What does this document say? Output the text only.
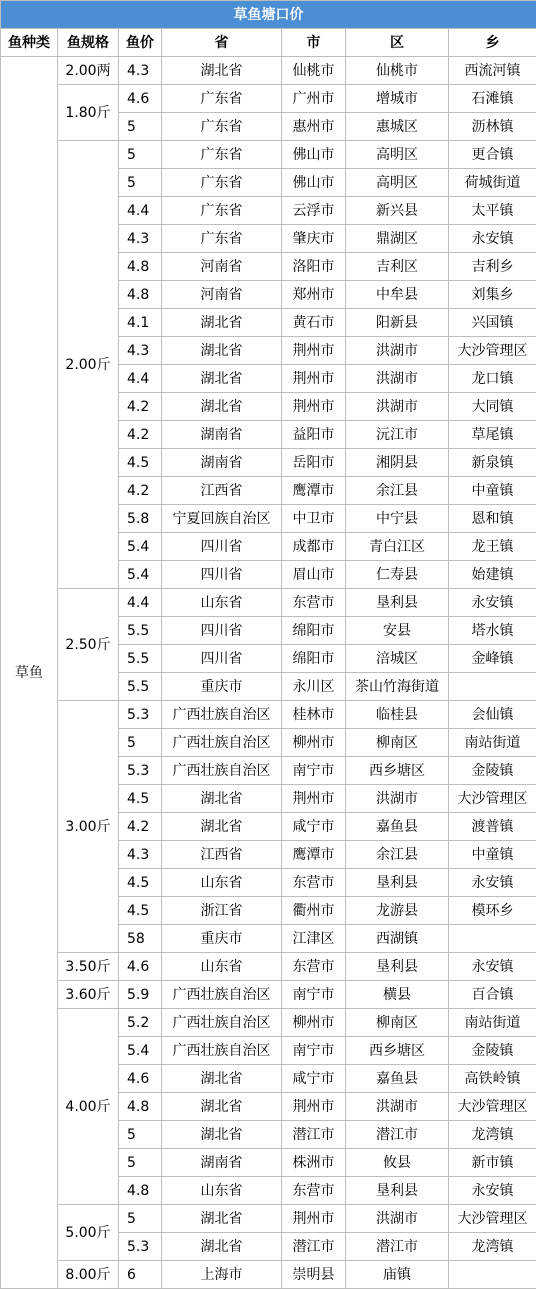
草鱼塘口价						
鱼种类	鱼规格	鱼价	省	市	区	乡
草鱼	2.00两	4.3	湖北省	仙桃市	仙桃市	西流河镇
	1.80斤	4.6	广东省	广州市	增城市	石滩镇
		5	广东省	惠州市	惠城区	沥林镇
	2.00斤	5	广东省	佛山市	高明区	更合镇
		5	广东省	佛山市	高明区	荷城街道
		4.4	广东省	云浮市	新兴县	太平镇
		4.3	广东省	肇庆市	鼎湖区	永安镇
		4.8	河南省	洛阳市	吉利区	吉利乡
		4.8	河南省	郑州市	中牟县	刘集乡
		4.1	湖北省	黄石市	阳新县	兴国镇
		4.3	湖北省	荆州市	洪湖市	大沙管理区
		4.4	湖北省	荆州市	洪湖市	龙口镇
		4.2	湖北省	荆州市	洪湖市	大同镇
		4.2	湖南省	益阳市	沅江市	草尾镇
		4.5	湖南省	岳阳市	湘阴县	新泉镇
		4.2	江西省	鹰潭市	余江县	中童镇
		5.8	宁夏回族自治区	中卫市	中宁县	恩和镇
		5.4	四川省	成都市	青白江区	龙王镇
		5.4	四川省	眉山市	仁寿县	始建镇
	2.50斤	4.4	山东省	东营市	垦利县	永安镇
		5.5	四川省	绵阳市	安县	塔水镇
		5.5	四川省	绵阳市	涪城区	金峰镇
		5.5	重庆市	永川区	茶山竹海街道	
	3.00斤	5.3	广西壮族自治区	桂林市	临桂县	会仙镇
		5	广西壮族自治区	柳州市	柳南区	南站街道
		5.3	广西壮族自治区	南宁市	西乡塘区	金陵镇
		4.5	湖北省	荆州市	洪湖市	大沙管理区
		4.2	湖北省	咸宁市	嘉鱼县	渡普镇
		4.3	江西省	鹰潭市	余江县	中童镇
		4.5	山东省	东营市	垦利县	永安镇
		4.5	浙江省	衢州市	龙游县	模环乡
		58	重庆市	江津区	西湖镇	
	3.50斤	4.6	山东省	东营市	垦利县	永安镇
	3.60斤	5.9	广西壮族自治区	南宁市	横县	百合镇
	4.00斤	5.2	广西壮族自治区	柳州市	柳南区	南站街道
		5.4	广西壮族自治区	南宁市	西乡塘区	金陵镇
		4.6	湖北省	咸宁市	嘉鱼县	高铁岭镇
		4.8	湖北省	荆州市	洪湖市	大沙管理区
		5	湖北省	潜江市	潜江市	龙湾镇
		5	湖南省	株洲市	攸县	新市镇
		4.8	山东省	东营市	垦利县	永安镇
	5.00斤	5	湖北省	荆州市	洪湖市	大沙管理区
		5.3	湖北省	潜江市	潜江市	龙湾镇
	8.00斤	6	上海市	崇明县	庙镇	
